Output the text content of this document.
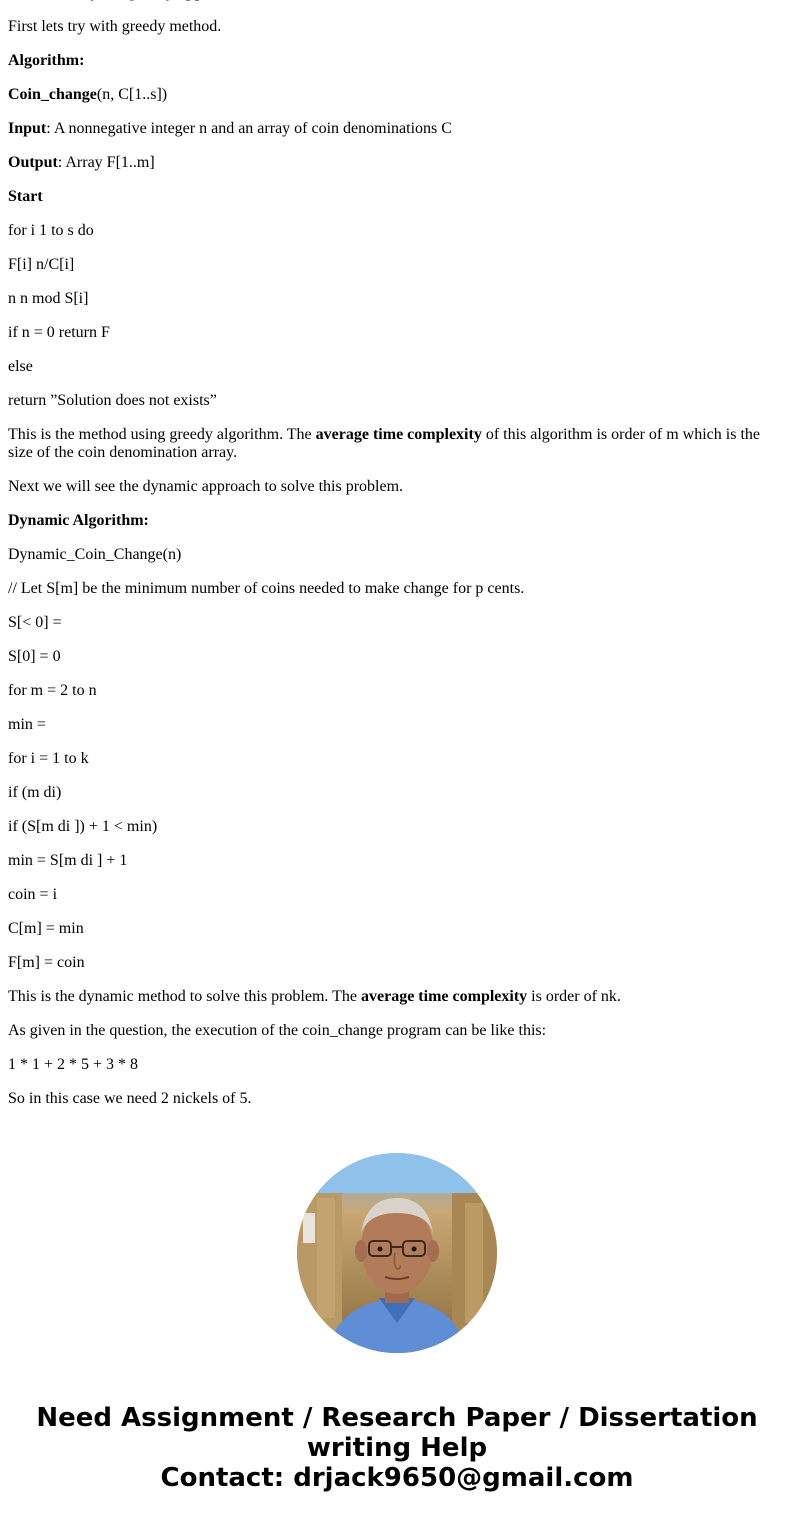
First lets try with greedy method.
Algorithm:
Coin_change(n, C[1..s])
Input: A nonnegative integer n and an array of coin denominations C
Output: Array F[1..m]
Start
for i 1 to s do
F[i] n/C[i]
n n mod S[i]
if n = 0 return F
else
return ”Solution does not exists”
This is the method using greedy algorithm. The average time complexity of this algorithm is order of m which is the size of the coin denomination array.
Next we will see the dynamic approach to solve this problem.
Dynamic Algorithm:
Dynamic_Coin_Change(n)
// Let S[m] be the minimum number of coins needed to make change for p cents.
S[< 0] =
S[0] = 0
for m = 2 to n
min =
for i = 1 to k
if (m di)
if (S[m di ]) + 1 < min)
min = S[m di ] + 1
coin = i
C[m] = min
F[m] = coin
This is the dynamic method to solve this problem. The average time complexity is order of nk.
As given in the question, the execution of the coin_change program can be like this:
1 * 1 + 2 * 5 + 3 * 8
So in this case we need 2 nickels of 5.
Need Assignment / Research Paper / Dissertation
writing Help
Contact: drjack9650@gmail.com
